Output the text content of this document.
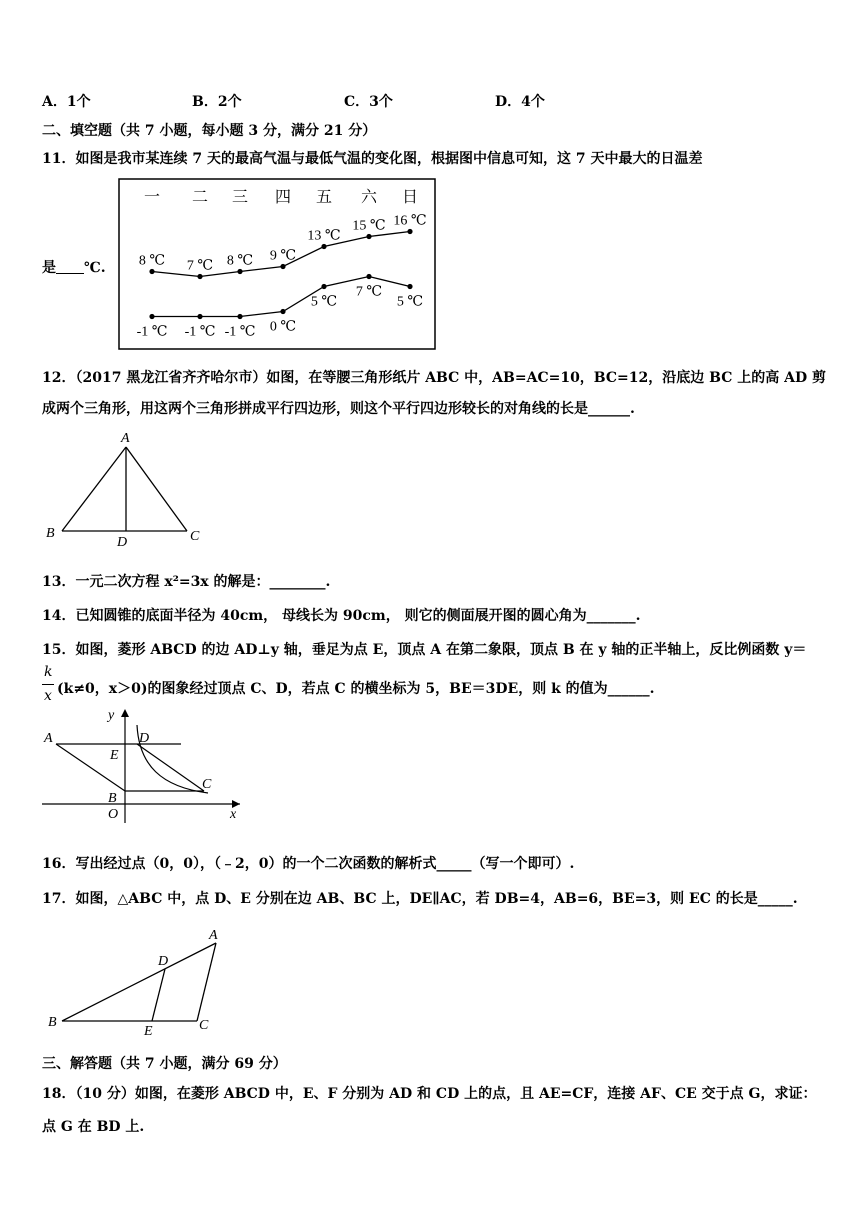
A．1个	B．2个	C．3个	D．4个
二、填空题（共 7 小题，每小题 3 分，满分 21 分）
11．如图是我市某连续 7 天的最高气温与最低气温的变化图，根据图中信息可知，这 7 天中最大的日温差
是 ℃.
一 二 三 四 五 六 日
8 ℃ 7 ℃ 8 ℃ 9 ℃
13 ℃
15 ℃ 16 ℃
-1 ℃ -1 ℃ -1 ℃ 0 ℃
5 ℃
7 ℃
5 ℃
12．（2017 黑龙江省齐齐哈尔市）如图，在等腰三角形纸片 ABC 中，AB=AC=10，BC=12，沿底边 BC 上的高 AD 剪
成两个三角形，用这两个三角形拼成平行四边形，则这个平行四边形较长的对角线的长是______.
A
B	C
D
13．一元二次方程 x²=3x 的解是：________.
14．已知圆锥的底面半径为 40cm， 母线长为 90cm， 则它的侧面展开图的圆心角为_______.
15．如图，菱形 ABCD 的边 AD⊥y 轴，垂足为点 E，顶点 A 在第二象限，顶点 B 在 y 轴的正半轴上，反比例函数 y＝
k
x (k≠0，x＞0)的图象经过顶点 C、D，若点 C 的横坐标为 5，BE＝3DE，则 k 的值为______.
A	D
E
B
C
O	x
y
16．写出经过点（0，0），（﹣2，0）的一个二次函数的解析式_____（写一个即可）.
17．如图，△ABC 中，点 D、E 分别在边 AB、BC 上，DE∥AC，若 DB=4，AB=6，BE=3，则 EC 的长是_____.
A
D
B
E	C
三、解答题（共 7 小题，满分 69 分）
18．（10 分）如图，在菱形 ABCD 中，E、F 分别为 AD 和 CD 上的点，且 AE=CF，连接 AF、CE 交于点 G，求证：
点 G 在 BD 上.
